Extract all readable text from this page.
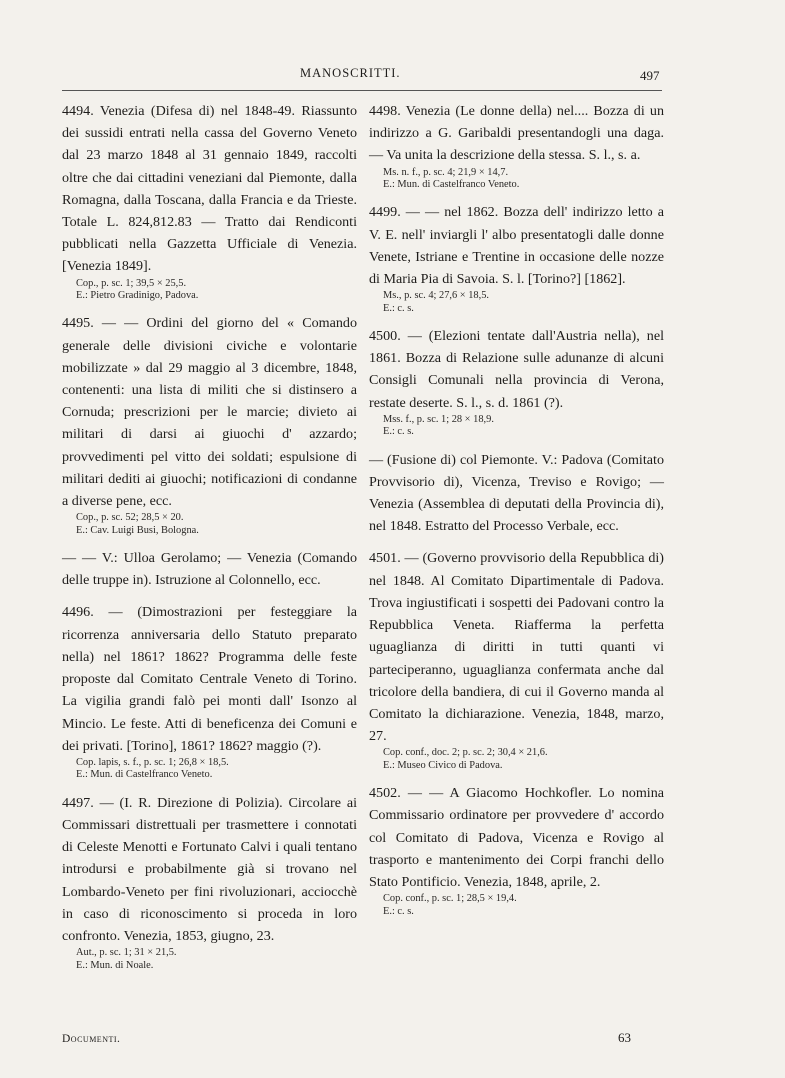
MANOSCRITTI.	497

4494. Venezia (Difesa di) nel 1848-49. Riassunto dei sussidi entrati nella cassa del Governo Veneto dal 23 marzo 1848 al 31 gennaio 1849, raccolti oltre che dai cittadini veneziani dal Piemonte, dalla Romagna, dalla Toscana, dalla Francia e da Trieste. Totale L. 824,812.83 — Tratto dai Rendiconti pubblicati nella Gazzetta Ufficiale di Venezia. [Venezia 1849].

Cop., p. sc. 1; 39,5 × 25,5.

E.: Pietro Gradinigo, Padova.

4495. — — Ordini del giorno del « Comando generale delle divisioni civiche e volontarie mobilizzate » dal 29 maggio al 3 dicembre, 1848, contenenti: una lista di militi che si distinsero a Cornuda; prescrizioni per le marcie; divieto ai militari di darsi ai giuochi d' azzardo; provvedimenti pel vitto dei soldati; espulsione di militari dediti ai giuochi; notificazioni di condanne a diverse pene, ecc.

Cop., p. sc. 52; 28,5 × 20.

E.: Cav. Luigi Busi, Bologna.

— — V.: Ulloa Gerolamo; — Venezia (Comando delle truppe in). Istruzione al Colonnello, ecc.

4496. — (Dimostrazioni per festeggiare la ricorrenza anniversaria dello Statuto preparato nella) nel 1861? 1862? Programma delle feste proposte dal Comitato Centrale Veneto di Torino. La vigilia grandi falò pei monti dall' Isonzo al Mincio. Le feste. Atti di beneficenza dei Comuni e dei privati. [Torino], 1861? 1862? maggio (?).

Cop. lapis, s. f., p. sc. 1; 26,8 × 18,5.

E.: Mun. di Castelfranco Veneto.

4497. — (I. R. Direzione di Polizia). Circolare ai Commissari distrettuali per trasmettere i connotati di Celeste Menotti e Fortunato Calvi i quali tentano introdursi e probabilmente già si trovano nel Lombardo-Veneto per fini rivoluzionari, acciocchè in caso di riconoscimento si proceda in loro confronto. Venezia, 1853, giugno, 23.

Aut., p. sc. 1; 31 × 21,5.

E.: Mun. di Noale.

4498. Venezia (Le donne della) nel.... Bozza di un indirizzo a G. Garibaldi presentandogli una daga. — Va unita la descrizione della stessa. S. l., s. a.

Ms. n. f., p. sc. 4; 21,9 × 14,7.

E.: Mun. di Castelfranco Veneto.

4499. — — nel 1862. Bozza dell' indirizzo letto a V. E. nell' inviargli l' albo presentatogli dalle donne Venete, Istriane e Trentine in occasione delle nozze di Maria Pia di Savoia. S. l. [Torino?] [1862].

Ms., p. sc. 4; 27,6 × 18,5.

E.: c. s.

4500. — (Elezioni tentate dall'Austria nella), nel 1861. Bozza di Relazione sulle adunanze di alcuni Consigli Comunali nella provincia di Verona, restate deserte. S. l., s. d. 1861 (?).

Mss. f., p. sc. 1; 28 × 18,9.

E.: c. s.

— (Fusione di) col Piemonte. V.: Padova (Comitato Provvisorio di), Vicenza, Treviso e Rovigo; — Venezia (Assemblea di deputati della Provincia di), nel 1848. Estratto del Processo Verbale, ecc.

4501. — (Governo provvisorio della Repubblica di) nel 1848. Al Comitato Dipartimentale di Padova. Trova ingiustificati i sospetti dei Padovani contro la Repubblica Veneta. Riafferma la perfetta uguaglianza di diritti in tutti quanti vi parteciperanno, uguaglianza confermata anche dal tricolore della bandiera, di cui il Governo manda al Comitato la dichiarazione. Venezia, 1848, marzo, 27.

Cop. conf., doc. 2; p. sc. 2; 30,4 × 21,6.

E.: Museo Civico di Padova.

4502. — — A Giacomo Hochkofler. Lo nomina Commissario ordinatore per provvedere d' accordo col Comitato di Padova, Vicenza e Rovigo al trasporto e mantenimento dei Corpi franchi dello Stato Pontificio. Venezia, 1848, aprile, 2.

Cop. conf., p. sc. 1; 28,5 × 19,4.

E.: c. s.

Documenti.	63
